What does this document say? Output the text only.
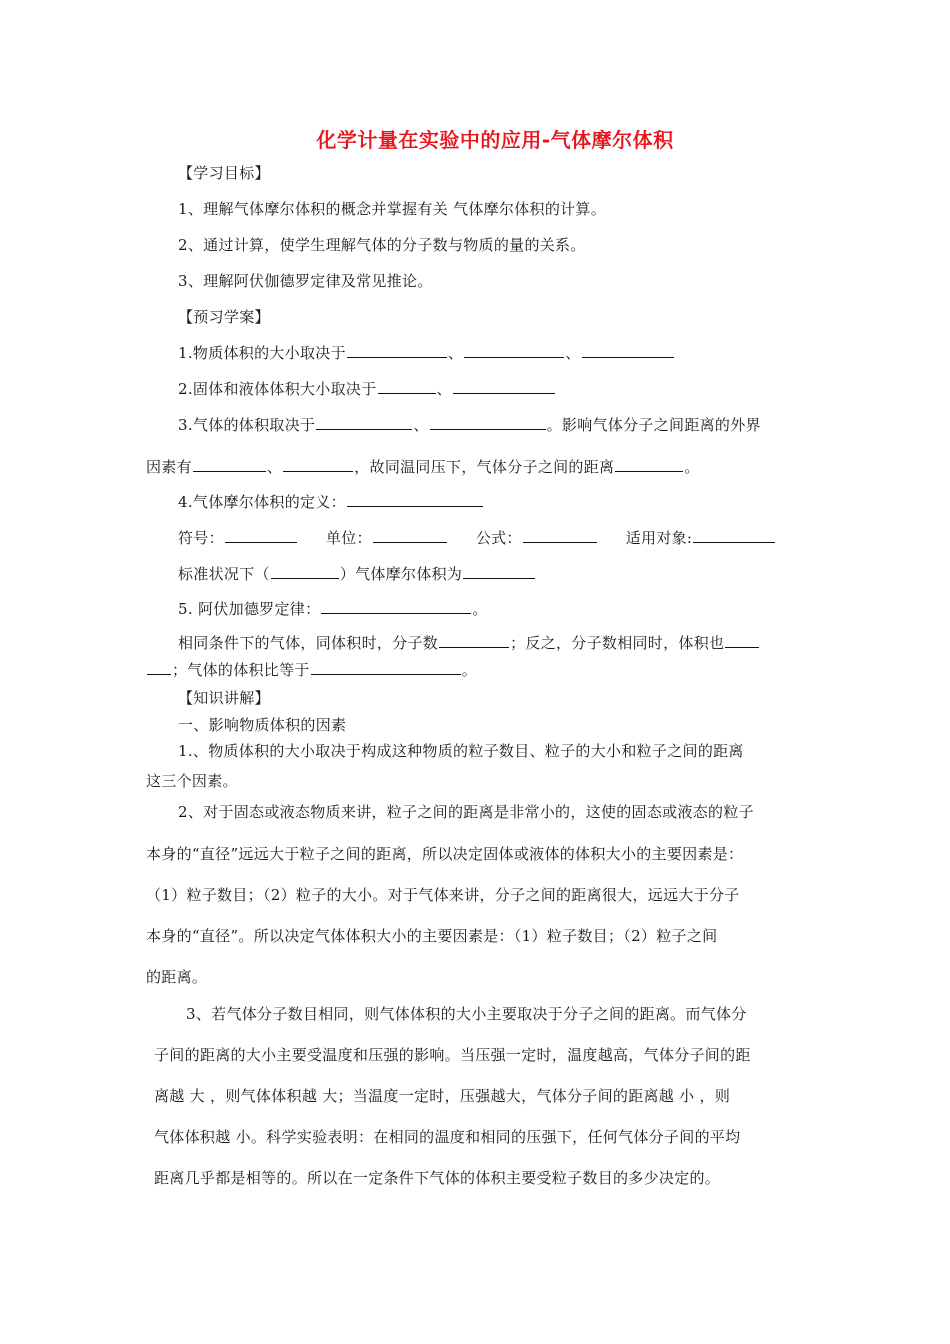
化学计量在实验中的应用-气体摩尔体积
【学习目标】
1、理解气体摩尔体积的概念并掌握有关 气体摩尔体积的计算。
2、通过计算，使学生理解气体的分子数与物质的量的关系。
3、理解阿伏伽德罗定律及常见推论。
【预习学案】
1.物质体积的大小取决于	、	、
2.固体和液体体积大小取决于	、
3.气体的体积取决于	、	。影响气体分子之间距离的外界
因素有	、	，故同温同压下，气体分子之间的距离	。
4.气体摩尔体积的定义：
符号：	单位：	公式：	适用对象:
标准状况下（	）气体摩尔体积为
5. 阿伏加德罗定律：	。
相同条件下的气体，同体积时，分子数	；反之，分子数相同时，体积也
；气体的体积比等于	。
【知识讲解】
一、影响物质体积的因素
1.、物质体积的大小取决于构成这种物质的粒子数目、粒子的大小和粒子之间的距离
这三个因素。
2、对于固态或液态物质来讲，粒子之间的距离是非常小的，这使的固态或液态的粒子
本身的“直径”远远大于粒子之间的距离，所以决定固体或液体的体积大小的主要因素是：
（1）粒子数目；（2）粒子的大小。对于气体来讲，分子之间的距离很大，远远大于分子
本身的“直径”。所以决定气体体积大小的主要因素是：（1）粒子数目；（2）粒子之间
的距离。
3、若气体分子数目相同，则气体体积的大小主要取决于分子之间的距离。而气体分
子间的距离的大小主要受温度和压强的影响。当压强一定时，温度越高，气体分子间的距
离越 大 ，则气体体积越 大；当温度一定时，压强越大，气体分子间的距离越 小 ，则
气体体积越 小。科学实验表明：在相同的温度和相同的压强下，任何气体分子间的平均
距离几乎都是相等的。所以在一定条件下气体的体积主要受粒子数目的多少决定的。
